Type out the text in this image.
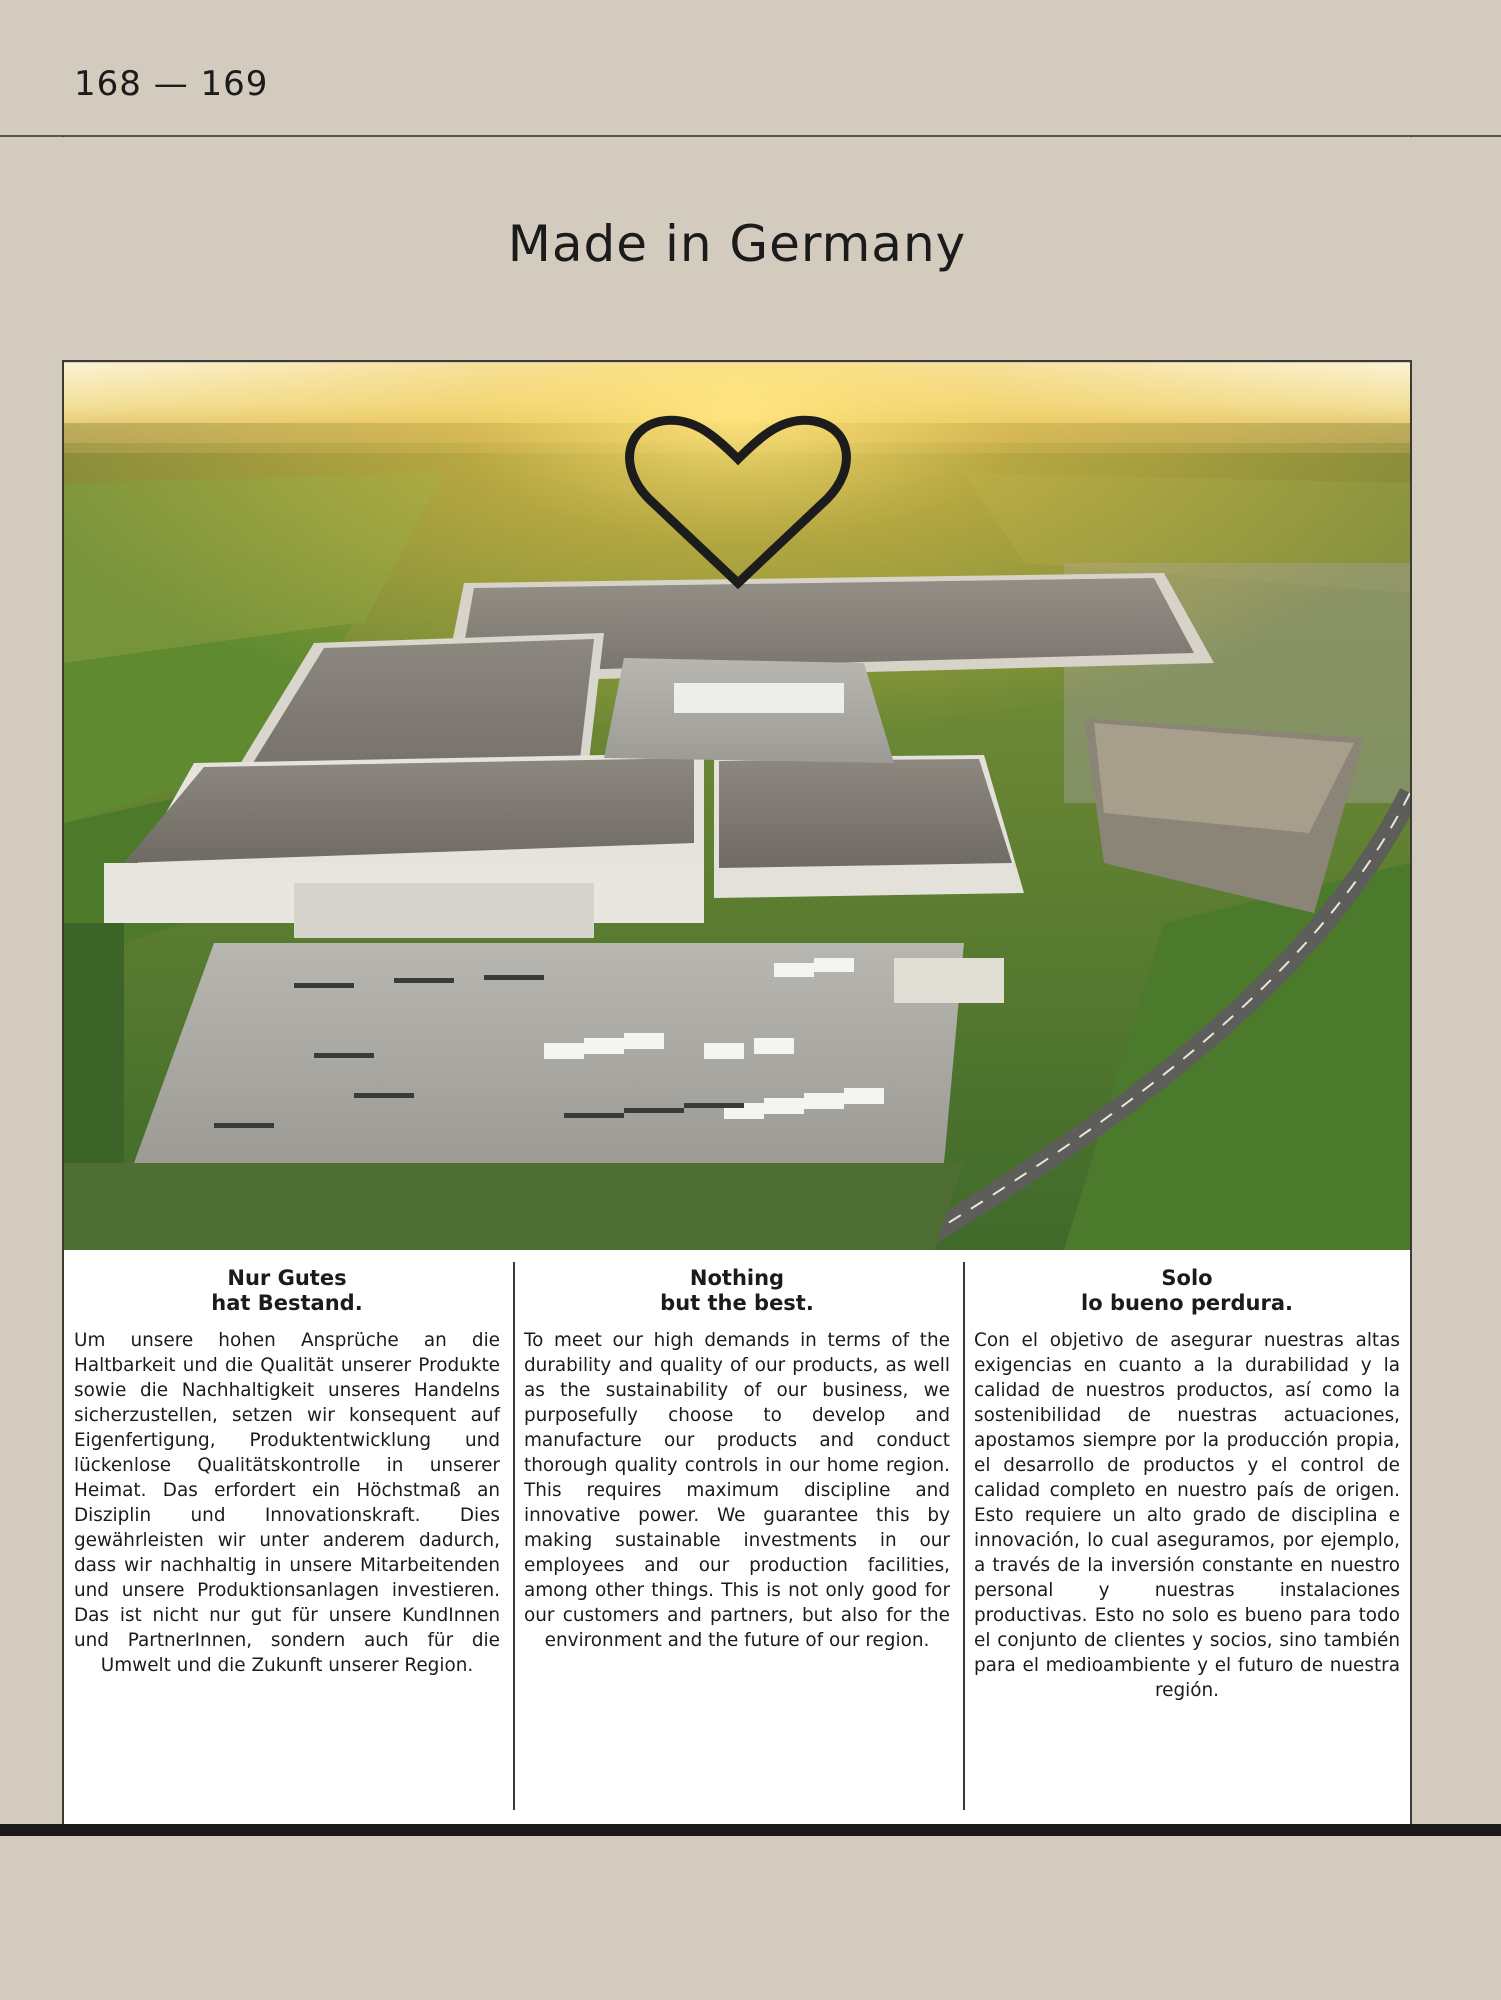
168 — 169
Made in Germany
Nur Gutes
hat Bestand.

Um unsere hohen Ansprüche an die Haltbarkeit und die Qualität unserer Produkte sowie die Nachhaltigkeit unseres Handelns sicherzustellen, setzen wir konsequent auf Eigenfertigung, Produktentwicklung und lückenlose Qualitätskontrolle in unserer Heimat. Das erfordert ein Höchstmaß an Disziplin und Innovationskraft. Dies gewährleisten wir unter anderem dadurch, dass wir nachhaltig in unsere Mitarbeitenden und unsere Produktionsanlagen investieren. Das ist nicht nur gut für unsere KundInnen und PartnerInnen, sondern auch für die Umwelt und die Zukunft unserer Region.

Nothing
but the best.

To meet our high demands in terms of the durability and quality of our products, as well as the sustainability of our business, we purposefully choose to develop and manufacture our products and conduct thorough quality controls in our home region. This requires maximum discipline and innovative power. We guarantee this by making sustainable investments in our employees and our production facilities, among other things. This is not only good for our customers and partners, but also for the environment and the future of our region.

Solo
lo bueno perdura.

Con el objetivo de asegurar nuestras altas exigencias en cuanto a la durabilidad y la calidad de nuestros productos, así como la sostenibilidad de nuestras actuaciones, apostamos siempre por la producción propia, el desarrollo de productos y el control de calidad completo en nuestro país de origen. Esto requiere un alto grado de disciplina e innovación, lo cual aseguramos, por ejemplo, a través de la inversión constante en nuestro personal y nuestras instalaciones productivas. Esto no solo es bueno para todo el conjunto de clientes y socios, sino también para el medioambiente y el futuro de nuestra región.
